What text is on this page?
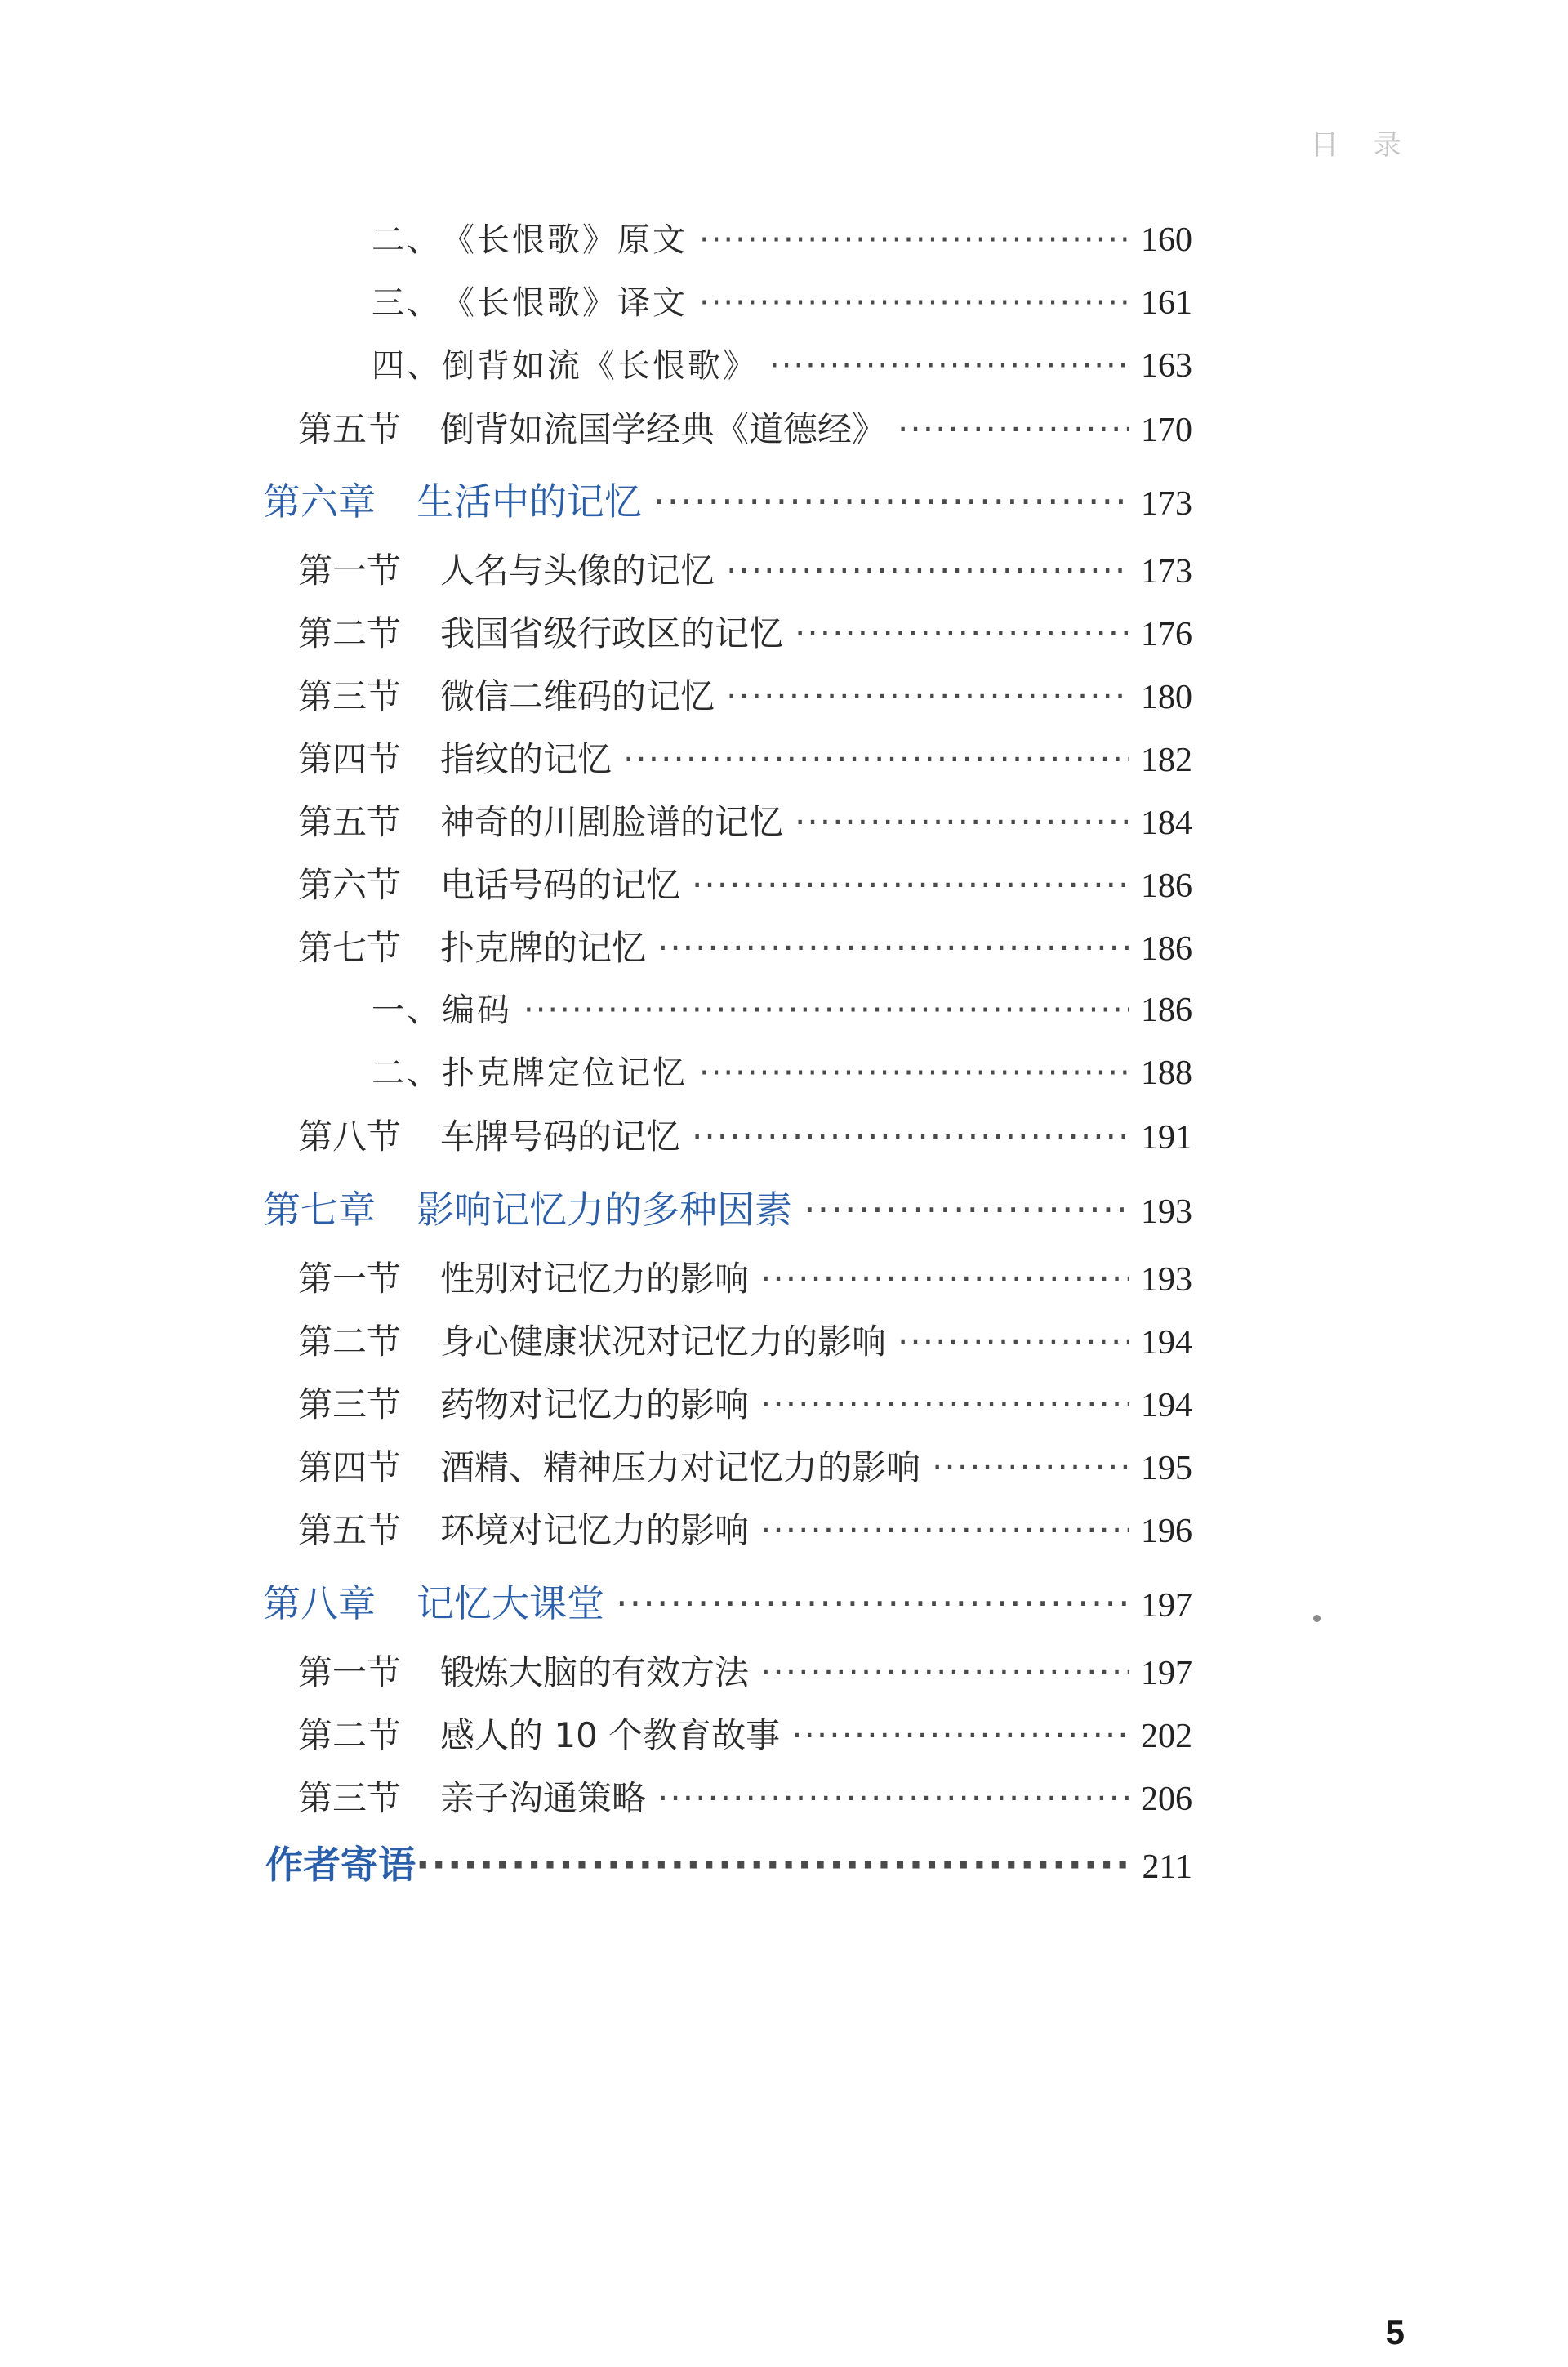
目 录
二、 《长恨歌》原文 ·····	160
三、 《长恨歌》译文 ·····	161
四、 倒背如流《长恨歌》 ·····	163
第五节 倒背如流国学经典《道德经》 ·····	170
第六章 生活中的记忆 ·····	173
第一节 人名与头像的记忆 ·····	173
第二节 我国省级行政区的记忆 ·····	176
第三节 微信二维码的记忆 ·····	180
第四节 指纹的记忆 ·····	182
第五节 神奇的川剧脸谱的记忆 ·····	184
第六节 电话号码的记忆 ·····	186
第七节 扑克牌的记忆 ·····	186
一、 编码 ·····	186
二、 扑克牌定位记忆 ·····	188
第八节 车牌号码的记忆 ·····	191
第七章 影响记忆力的多种因素 ·····	193
第一节 性别对记忆力的影响 ·····	193
第二节 身心健康状况对记忆力的影响 ·····	194
第三节 药物对记忆力的影响 ·····	194
第四节 酒精、精神压力对记忆力的影响 ·····	195
第五节 环境对记忆力的影响 ·····	196
第八章 记忆大课堂 ·····	197
第一节 锻炼大脑的有效方法 ·····	197
第二节 感人的 10 个教育故事 ·····	202
第三节 亲子沟通策略 ·····	206
作者寄语 ·····	211
5
